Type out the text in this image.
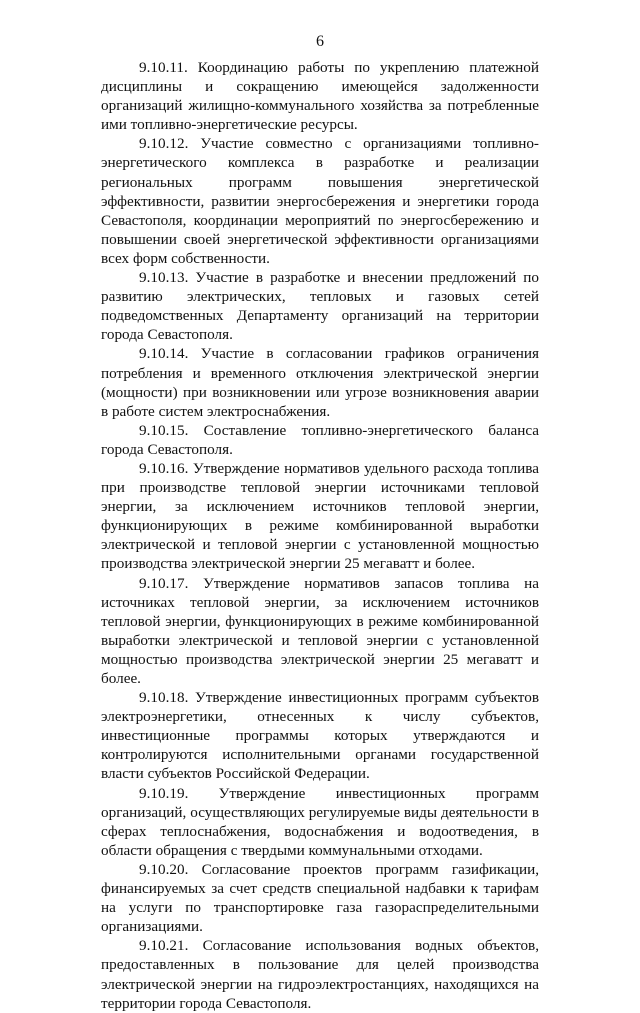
6

9.10.11. Координацию работы по укреплению платежной дисциплины и сокращению имеющейся задолженности организаций жилищно-коммунального хозяйства за потребленные ими топливно-энергетические ресурсы.

9.10.12. Участие совместно с организациями топливно-энергетического комплекса в разработке и реализации региональных программ повышения энергетической эффективности, развитии энергосбережения и энергетики города Севастополя, координации мероприятий по энергосбережению и повышении своей энергетической эффективности организациями всех форм собственности.

9.10.13. Участие в разработке и внесении предложений по развитию электрических, тепловых и газовых сетей подведомственных Департаменту организаций на территории города Севастополя.

9.10.14. Участие в согласовании графиков ограничения потребления и временного отключения электрической энергии (мощности) при возникновении или угрозе возникновения аварии в работе систем электроснабжения.

9.10.15. Составление топливно-энергетического баланса города Севастополя.

9.10.16. Утверждение нормативов удельного расхода топлива при производстве тепловой энергии источниками тепловой энергии, за исключением источников тепловой энергии, функционирующих в режиме комбинированной выработки электрической и тепловой энергии с установленной мощностью производства электрической энергии 25 мегаватт и более.

9.10.17. Утверждение нормативов запасов топлива на источниках тепловой энергии, за исключением источников тепловой энергии, функционирующих в режиме комбинированной выработки электрической и тепловой энергии с установленной мощностью производства электрической энергии 25 мегаватт и более.

9.10.18. Утверждение инвестиционных программ субъектов электроэнергетики, отнесенных к числу субъектов, инвестиционные программы которых утверждаются и контролируются исполнительными органами государственной власти субъектов Российской Федерации.

9.10.19. Утверждение инвестиционных программ организаций, осуществляющих регулируемые виды деятельности в сферах теплоснабжения, водоснабжения и водоотведения, в области обращения с твердыми коммунальными отходами.

9.10.20. Согласование проектов программ газификации, финансируемых за счет средств специальной надбавки к тарифам на услуги по транспортировке газа газораспределительными организациями.

9.10.21. Согласование использования водных объектов, предоставленных в пользование для целей производства электрической энергии на гидроэлектростанциях, находящихся на территории города Севастополя.
